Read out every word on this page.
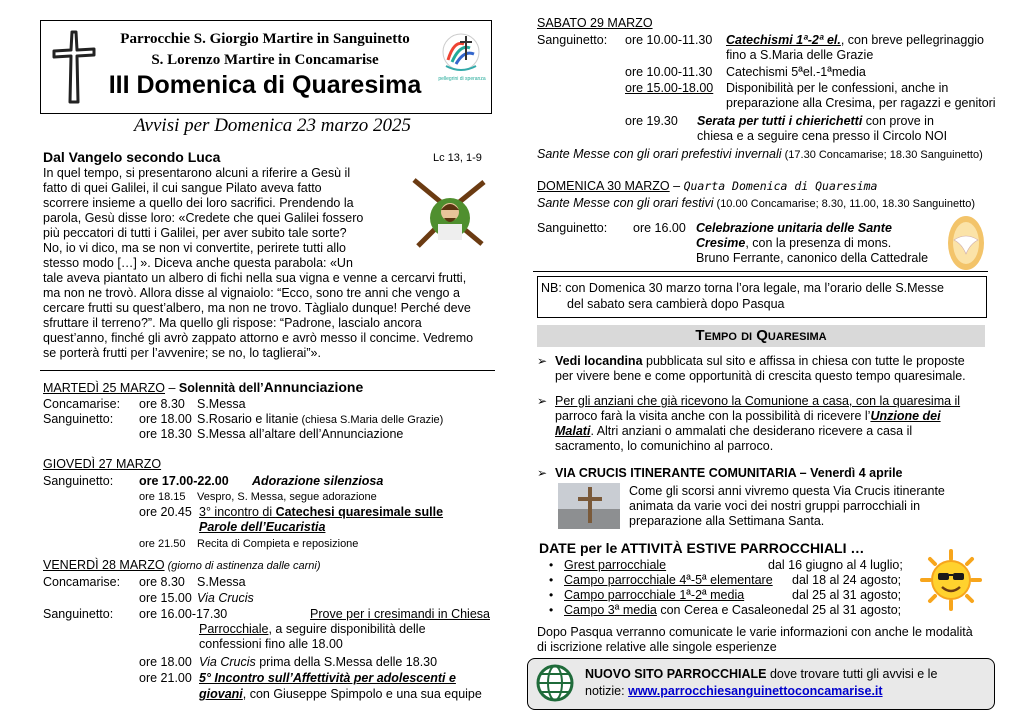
Parrocchie S. Giorgio Martire in Sanguinetto
S. Lorenzo Martire in Concamarise
III Domenica di Quaresima	pellegrini di speranza
Avvisi per Domenica 23 marzo 2025
Dal Vangelo secondo Luca	Lc 13, 1-9
In quel tempo, si presentarono alcuni a riferire a Gesù il
fatto di quei Galilei, il cui sangue Pilato aveva fatto
scorrere insieme a quello dei loro sacrifici. Prendendo la
parola, Gesù disse loro: «Credete che quei Galilei fossero
più peccatori di tutti i Galilei, per aver subito tale sorte?
No, io vi dico, ma se non vi convertite, perirete tutti allo
stesso modo […] ». Diceva anche questa parabola: «Un
tale aveva piantato un albero di fichi nella sua vigna e venne a cercarvi frutti,
ma non ne trovò. Allora disse al vignaiolo: “Ecco, sono tre anni che vengo a
cercare frutti su quest’albero, ma non ne trovo. Tàglialo dunque! Perché deve
sfruttare il terreno?”. Ma quello gli rispose: “Padrone, lascialo ancora
quest’anno, finché gli avrò zappato attorno e avrò messo il concime. Vedremo
se porterà frutti per l’avvenire; se no, lo taglierai”».
MARTEDÌ 25 MARZO – Solennità dell’Annunciazione
Concamarise: ore 8.30 S.Messa
Sanguinetto: ore 18.00 S.Rosario e litanie (chiesa S.Maria delle Grazie)
ore 18.30 S.Messa all’altare dell’Annunciazione
GIOVEDÌ 27 MARZO
Sanguinetto: ore 17.00-22.00 Adorazione silenziosa
ore 18.15 Vespro, S. Messa, segue adorazione
ore 20.45 3° incontro di Catechesi quaresimale sulle
Parole dell’Eucaristia
ore 21.50 Recita di Compieta e reposizione
VENERDÌ 28 MARZO (giorno di astinenza dalle carni)
Concamarise: ore 8.30 S.Messa
ore 15.00 Via Crucis
Sanguinetto: ore 16.00-17.30	Prove per i cresimandi in Chiesa
Parrocchiale, a seguire disponibilità delle
confessioni fino alle 18.00
ore 18.00 Via Crucis prima della S.Messa delle 18.30
ore 21.00 5° Incontro sull’Affettività per adolescenti e
giovani, con Giuseppe Spimpolo e una sua equipe
SABATO 29 MARZO
Sanguinetto: ore 10.00-11.30 Catechismi 1ª-2ª el., con breve pellegrinaggio
fino a S.Maria delle Grazie
ore 10.00-11.30 Catechismi 5ªel.-1ªmedia
ore 15.00-18.00 Disponibilità per le confessioni, anche in
preparazione alla Cresima, per ragazzi e genitori
ore 19.30 Serata per tutti i chierichetti con prove in
chiesa e a seguire cena presso il Circolo NOI
Sante Messe con gli orari prefestivi invernali (17.30 Concamarise; 18.30 Sanguinetto)
DOMENICA 30 MARZO – Quarta Domenica di Quaresima
Sante Messe con gli orari festivi (10.00 Concamarise; 8.30, 11.00, 18.30 Sanguinetto)
Sanguinetto: ore 16.00 Celebrazione unitaria delle Sante
Cresime, con la presenza di mons.
Bruno Ferrante, canonico della Cattedrale
NB: con Domenica 30 marzo torna l’ora legale, ma l’orario delle S.Messe
del sabato sera cambierà dopo Pasqua
Tempo di Quaresima
➢ Vedi locandina pubblicata sul sito e affissa in chiesa con tutte le proposte
per vivere bene e come opportunità di crescita questo tempo quaresimale.
➢ Per gli anziani che già ricevono la Comunione a casa, con la quaresima il
parroco farà la visita anche con la possibilità di ricevere l’Unzione dei
Malati. Altri anziani o ammalati che desiderano ricevere a casa il
sacramento, lo comunichino al parroco.
➢ VIA CRUCIS ITINERANTE COMUNITARIA – Venerdì 4 aprile
Come gli scorsi anni vivremo questa Via Crucis itinerante
animata da varie voci dei nostri gruppi parrocchiali in
preparazione alla Settimana Santa.
DATE per le ATTIVITÀ ESTIVE PARROCCHIALI …
• Grest parrocchiale	dal 16 giugno al 4 luglio;
• Campo parrocchiale 4ª-5ª elementare dal 18 al 24 agosto;
• Campo parrocchiale 1ª-2ª media	dal 25 al 31 agosto;
• Campo 3ª media con Cerea e Casaleone dal 25 al 31 agosto;
Dopo Pasqua verranno comunicate le varie informazioni con anche le modalità
di iscrizione relative alle singole esperienze
NUOVO SITO PARROCCHIALE dove trovare tutti gli avvisi e le
notizie: www.parrocchiesanguinettoconcamarise.it
